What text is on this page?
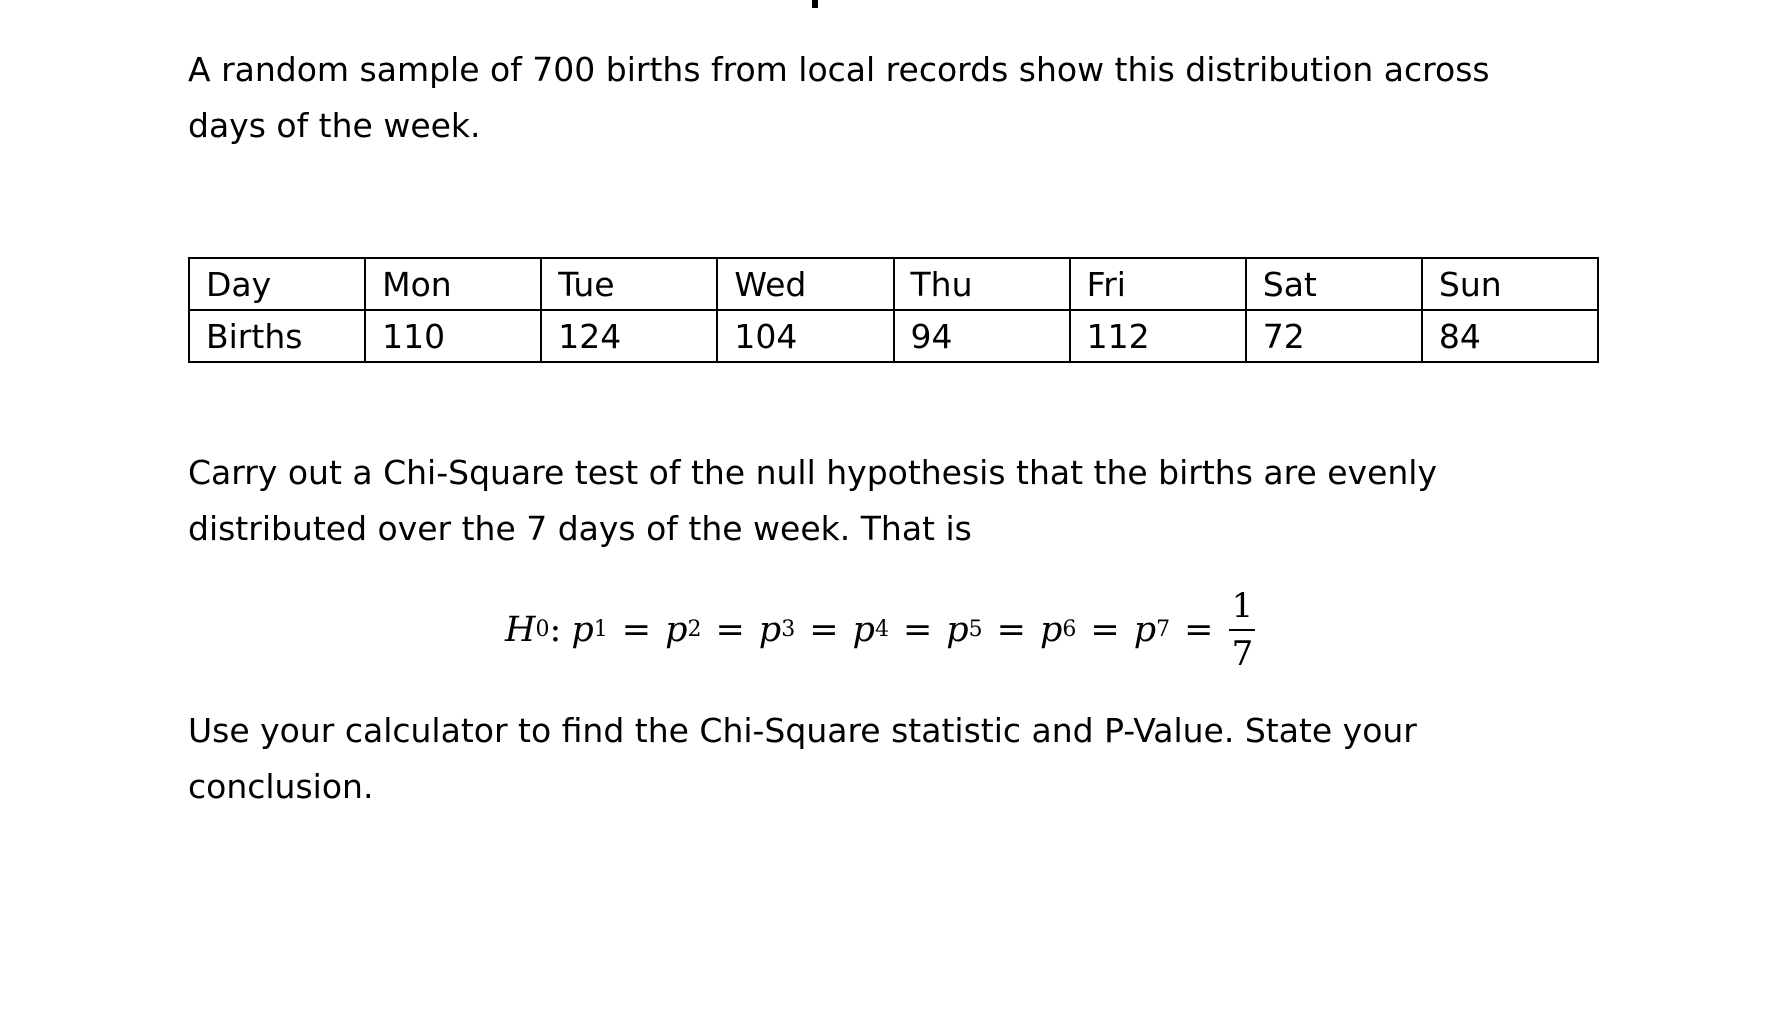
A random sample of 700 births from local records show this distribution across
days of the week.

Day	Mon	Tue	Wed	Thu	Fri	Sat	Sun
Births	110	124	104	94	112	72	84

Carry out a Chi-Square test of the null hypothesis that the births are evenly
distributed over the 7 days of the week. That is

H 0 : p 1 = p 2 = p 3 = p 4 = p 5 = p 6 = p $7 = \frac{1}{7}$

Use your calculator to find the Chi-Square statistic and P-Value. State your
conclusion.
